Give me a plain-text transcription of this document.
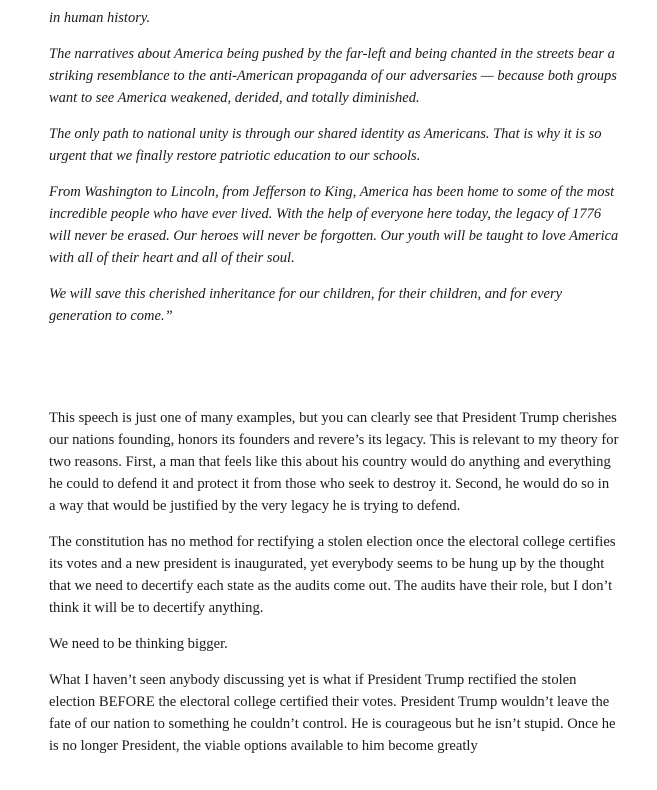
in human history.

The narratives about America being pushed by the far-left and being chanted in the streets bear a striking resemblance to the anti-American propaganda of our adversaries — because both groups want to see America weakened, derided, and totally diminished.

The only path to national unity is through our shared identity as Americans. That is why it is so urgent that we finally restore patriotic education to our schools.

From Washington to Lincoln, from Jefferson to King, America has been home to some of the most incredible people who have ever lived. With the help of everyone here today, the legacy of 1776 will never be erased. Our heroes will never be forgotten. Our youth will be taught to love America with all of their heart and all of their soul.

We will save this cherished inheritance for our children, for their children, and for every generation to come.”

This speech is just one of many examples, but you can clearly see that President Trump cherishes our nations founding, honors its founders and revere’s its legacy. This is relevant to my theory for two reasons. First, a man that feels like this about his country would do anything and everything he could to defend it and protect it from those who seek to destroy it. Second, he would do so in a way that would be justified by the very legacy he is trying to defend.

The constitution has no method for rectifying a stolen election once the electoral college certifies its votes and a new president is inaugurated, yet everybody seems to be hung up by the thought that we need to decertify each state as the audits come out. The audits have their role, but I don’t think it will be to decertify anything.

We need to be thinking bigger.

What I haven’t seen anybody discussing yet is what if President Trump rectified the stolen election BEFORE the electoral college certified their votes. President Trump wouldn’t leave the fate of our nation to something he couldn’t control. He is courageous but he isn’t stupid. Once he is no longer President, the viable options available to him become greatly
